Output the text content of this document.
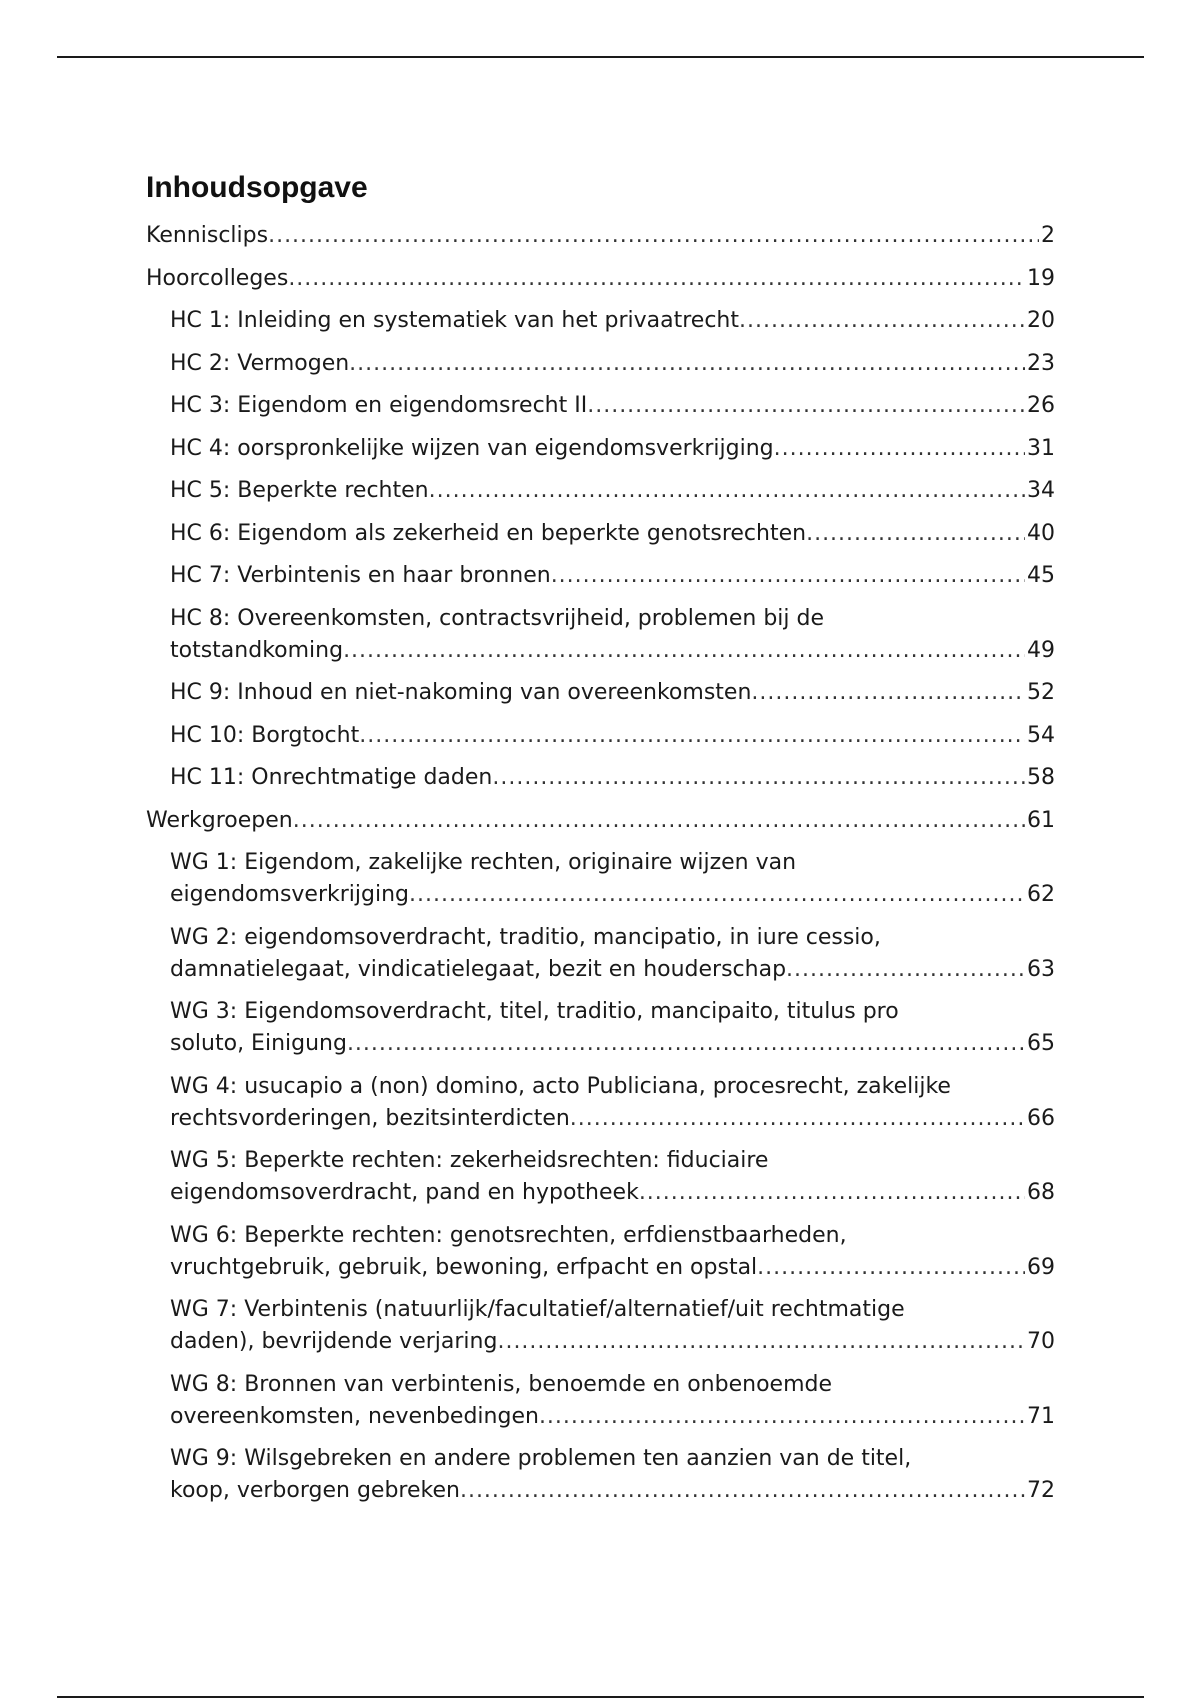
Inhoudsopgave
Kennisclips .....	2
Hoorcolleges .....	19
HC 1: Inleiding en systematiek van het privaatrecht .....	20
HC 2: Vermogen .....	23
HC 3: Eigendom en eigendomsrecht II .....	26
HC 4: oorspronkelijke wijzen van eigendomsverkrijging .....	31
HC 5: Beperkte rechten .....	34
HC 6: Eigendom als zekerheid en beperkte genotsrechten .....	40
HC 7: Verbintenis en haar bronnen .....	45
HC 8: Overeenkomsten, contractsvrijheid, problemen bij de
totstandkoming .....	49
HC 9: Inhoud en niet-nakoming van overeenkomsten .....	52
HC 10: Borgtocht .....	54
HC 11: Onrechtmatige daden .....	58
Werkgroepen .....	61
WG 1: Eigendom, zakelijke rechten, originaire wijzen van
eigendomsverkrijging .....	62
WG 2: eigendomsoverdracht, traditio, mancipatio, in iure cessio,
damnatielegaat, vindicatielegaat, bezit en houderschap .....	63
WG 3: Eigendomsoverdracht, titel, traditio, mancipaito, titulus pro
soluto, Einigung .....	65
WG 4: usucapio a (non) domino, acto Publiciana, procesrecht, zakelijke
rechtsvorderingen, bezitsinterdicten .....	66
WG 5: Beperkte rechten: zekerheidsrechten: fiduciaire
eigendomsoverdracht, pand en hypotheek .....	68
WG 6: Beperkte rechten: genotsrechten, erfdienstbaarheden,
vruchtgebruik, gebruik, bewoning, erfpacht en opstal .....	69
WG 7: Verbintenis (natuurlijk/facultatief/alternatief/uit rechtmatige
daden), bevrijdende verjaring .....	70
WG 8: Bronnen van verbintenis, benoemde en onbenoemde
overeenkomsten, nevenbedingen .....	71
WG 9: Wilsgebreken en andere problemen ten aanzien van de titel,
koop, verborgen gebreken .....	72
